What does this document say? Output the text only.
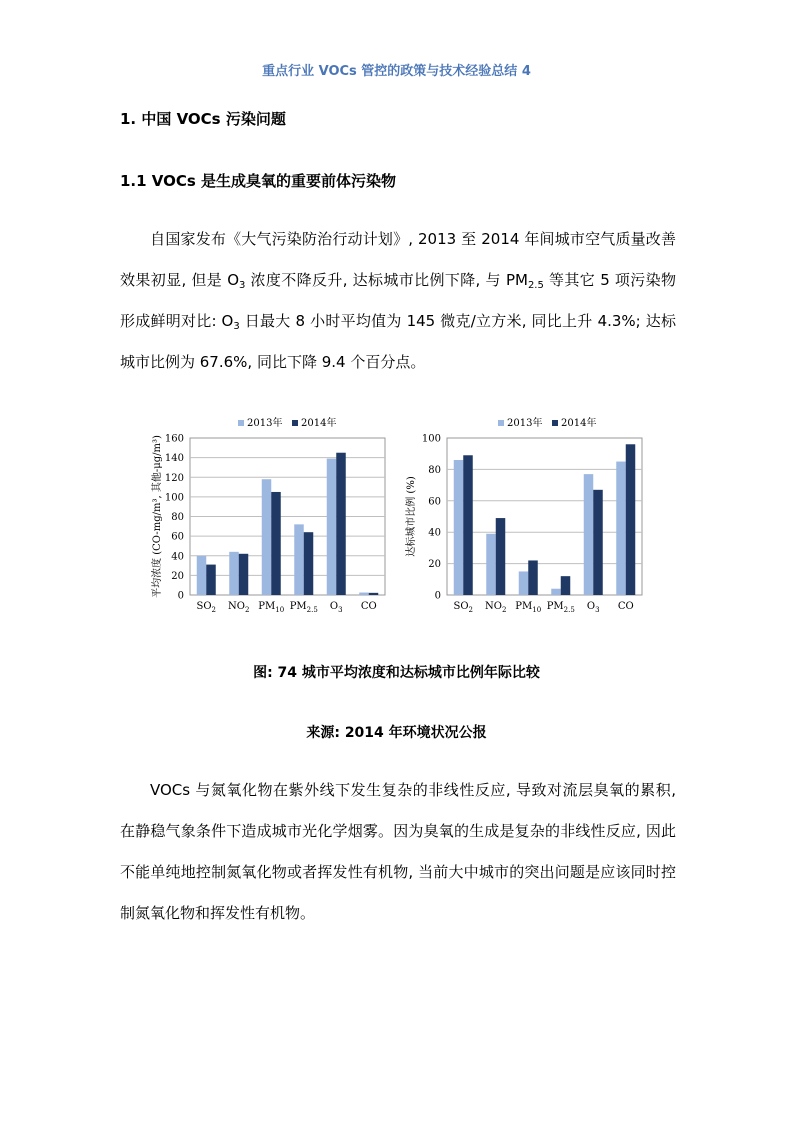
重点行业 VOCs 管控的政策与技术经验总结 4
1. 中国 VOCs 污染问题
1.1 VOCs 是生成臭氧的重要前体污染物

自国家发布《大气污染防治行动计划》, 2013 至 2014 年间城市空气质量改善效果初显, 但是 $O_3$ 浓度不降反升, 达标城市比例下降, 与 $PM_{2.5}$ 等其它 5 项污染物形成鲜明对比: $O_3$ 日最大 8 小时平均值为 145 微克/立方米, 同比上升 4.3%; 达标城市比例为 67.6%, 同比下降 9.4 个百分点。

0
20
40
60
80
100
120
140
160
$SO_2$ $NO_2$ $PM_{10}$ $PM_{2.5}$ $O_3$ CO
平均浓度 (CO-mg/m³, 其他-μg/m³)
2013年 2014年
0
20
40
60
80
100
$SO_2$ $NO_2$ $PM_{10}$ $PM_{2.5}$ $O_3$ CO
达标城市比例 (%)
2013年 2014年
图: 74 城市平均浓度和达标城市比例年际比较
来源: 2014 年环境状况公报

VOCs 与氮氧化物在紫外线下发生复杂的非线性反应, 导致对流层臭氧的累积, 在静稳气象条件下造成城市光化学烟雾。因为臭氧的生成是复杂的非线性反应, 因此不能单纯地控制氮氧化物或者挥发性有机物, 当前大中城市的突出问题是应该同时控制氮氧化物和挥发性有机物。
